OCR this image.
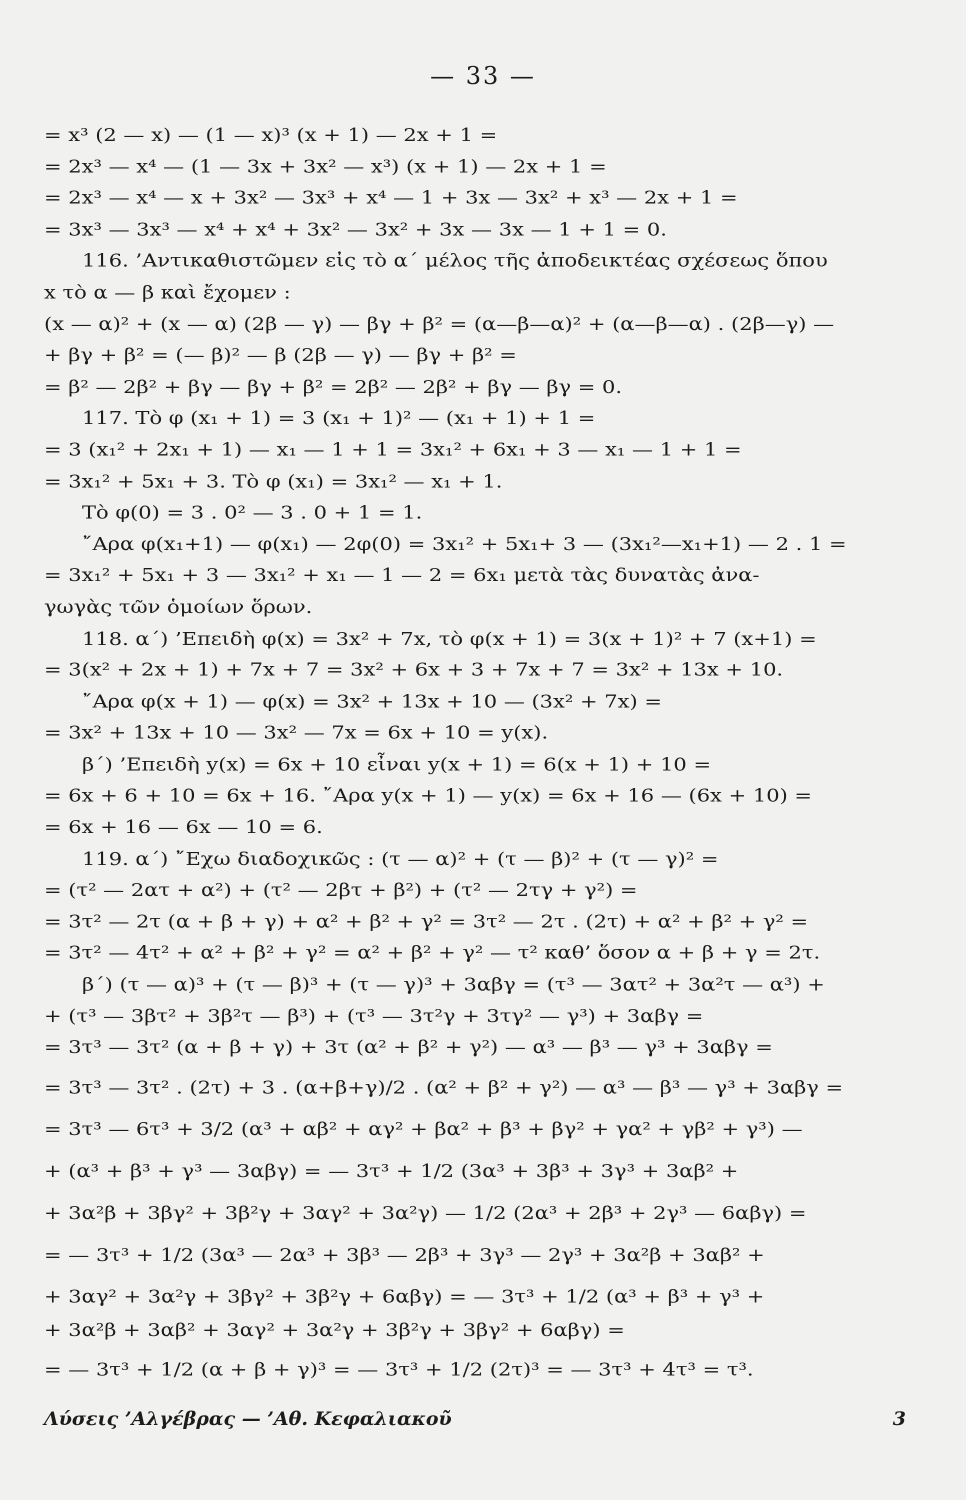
— 33 —
= x³ (2 — x) — (1 — x)³ (x + 1) — 2x + 1 =
= 2x³ — x⁴ — (1 — 3x + 3x² — x³) (x + 1) — 2x + 1 =
= 2x³ — x⁴ — x + 3x² — 3x³ + x⁴ — 1 + 3x — 3x² + x³ — 2x + 1 =
= 3x³ — 3x³ — x⁴ + x⁴ + 3x² — 3x² + 3x — 3x — 1 + 1 = 0.
116. ’Αντικαθιστῶμεν εἰς τὸ α΄ μέλος τῆς ἀποδεικτέας σχέσεως ὅπου
x τὸ α — β καὶ ἔχομεν :
(x — α)² + (x — α) (2β — γ) — βγ + β² = (α—β—α)² + (α—β—α) . (2β—γ) —
+ βγ + β² = (— β)² — β (2β — γ) — βγ + β² =
= β² — 2β² + βγ — βγ + β² = 2β² — 2β² + βγ — βγ = 0.
117. Τὸ φ (x₁ + 1) = 3 (x₁ + 1)² — (x₁ + 1) + 1 =
= 3 (x₁² + 2x₁ + 1) — x₁ — 1 + 1 = 3x₁² + 6x₁ + 3 — x₁ — 1 + 1 =
= 3x₁² + 5x₁ + 3. Τὸ φ (x₁) = 3x₁² — x₁ + 1.
Τὸ φ(0) = 3 . 0² — 3 . 0 + 1 = 1.
῎Αρα φ(x₁+1) — φ(x₁) — 2φ(0) = 3x₁² + 5x₁+ 3 — (3x₁²—x₁+1) — 2 . 1 =
= 3x₁² + 5x₁ + 3 — 3x₁² + x₁ — 1 — 2 = 6x₁ μετὰ τὰς δυνατὰς ἀνα-
γωγὰς τῶν ὁμοίων ὅρων.
118. α΄) ’Επειδὴ φ(x) = 3x² + 7x, τὸ φ(x + 1) = 3(x + 1)² + 7 (x+1) =
= 3(x² + 2x + 1) + 7x + 7 = 3x² + 6x + 3 + 7x + 7 = 3x² + 13x + 10.
῎Αρα φ(x + 1) — φ(x) = 3x² + 13x + 10 — (3x² + 7x) =
= 3x² + 13x + 10 — 3x² — 7x = 6x + 10 = y(x).
β΄) ’Επειδὴ y(x) = 6x + 10 εἶναι y(x + 1) = 6(x + 1) + 10 =
= 6x + 6 + 10 = 6x + 16. ῎Αρα y(x + 1) — y(x) = 6x + 16 — (6x + 10) =
= 6x + 16 — 6x — 10 = 6.
119. α΄) ῎Εχω διαδοχικῶς : (τ — α)² + (τ — β)² + (τ — γ)² =
= (τ² — 2ατ + α²) + (τ² — 2βτ + β²) + (τ² — 2τγ + γ²) =
= 3τ² — 2τ (α + β + γ) + α² + β² + γ² = 3τ² — 2τ . (2τ) + α² + β² + γ² =
= 3τ² — 4τ² + α² + β² + γ² = α² + β² + γ² — τ² καθ’ ὅσον α + β + γ = 2τ.
β΄) (τ — α)³ + (τ — β)³ + (τ — γ)³ + 3αβγ = (τ³ — 3ατ² + 3α²τ — α³) +
+ (τ³ — 3βτ² + 3β²τ — β³) + (τ³ — 3τ²γ + 3τγ² — γ³) + 3αβγ =
= 3τ³ — 3τ² (α + β + γ) + 3τ (α² + β² + γ²) — α³ — β³ — γ³ + 3αβγ =
= 3τ³ — 3τ² . (2τ) + 3 . (α+β+γ)/2 . (α² + β² + γ²) — α³ — β³ — γ³ + 3αβγ =
= 3τ³ — 6τ³ + 3/2 (α³ + αβ² + αγ² + βα² + β³ + βγ² + γα² + γβ² + γ³) —
+ (α³ + β³ + γ³ — 3αβγ) = — 3τ³ + 1/2 (3α³ + 3β³ + 3γ³ + 3αβ² +
+ 3α²β + 3βγ² + 3β²γ + 3αγ² + 3α²γ) — 1/2 (2α³ + 2β³ + 2γ³ — 6αβγ) =
= — 3τ³ + 1/2 (3α³ — 2α³ + 3β³ — 2β³ + 3γ³ — 2γ³ + 3α²β + 3αβ² +
+ 3αγ² + 3α²γ + 3βγ² + 3β²γ + 6αβγ) = — 3τ³ + 1/2 (α³ + β³ + γ³ +
+ 3α²β + 3αβ² + 3αγ² + 3α²γ + 3β²γ + 3βγ² + 6αβγ) =
= — 3τ³ + 1/2 (α + β + γ)³ = — 3τ³ + 1/2 (2τ)³ = — 3τ³ + 4τ³ = τ³.
Λύσεις ’Αλγέβρας — ’Αθ. Κεφαλιακοῦ	3
